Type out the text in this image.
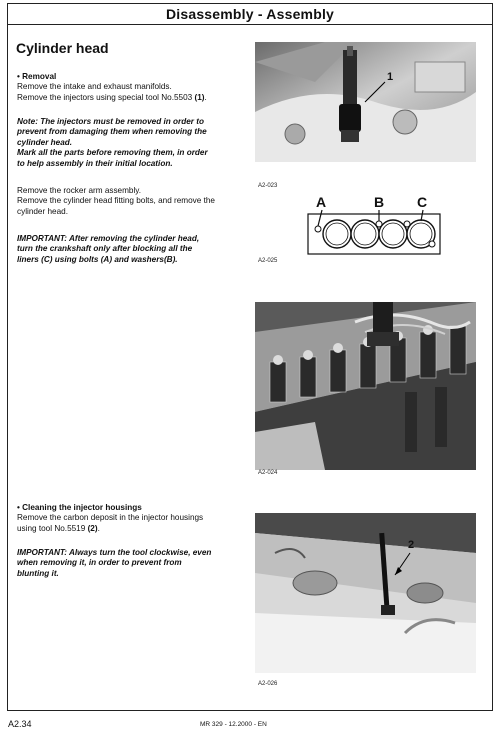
Disassembly - Assembly
Cylinder head
• Removal
Remove the intake and exhaust manifolds.
Remove the injectors using special tool No.5503 (1).
Note: The injectors must be removed in order to
prevent from damaging them when removing the
cylinder head.
Mark all the parts before removing them, in order
to help assembly in their initial location.
Remove the rocker arm assembly.
Remove the cylinder head fitting bolts, and remove the
cylinder head.
IMPORTANT: After removing the cylinder head,
turn the crankshaft only after blocking all the
liners (C) using bolts (A) and washers(B).
• Cleaning the injector housings
Remove the carbon deposit in the injector housings
using tool No.5519 (2).
IMPORTANT: Always turn the tool clockwise, even
when removing it, in order to prevent from
blunting it.
1
A2-023
A	B C
A2-025
A2-024
2
A2-026
A2.34	MR 329 - 12.2000 - EN
